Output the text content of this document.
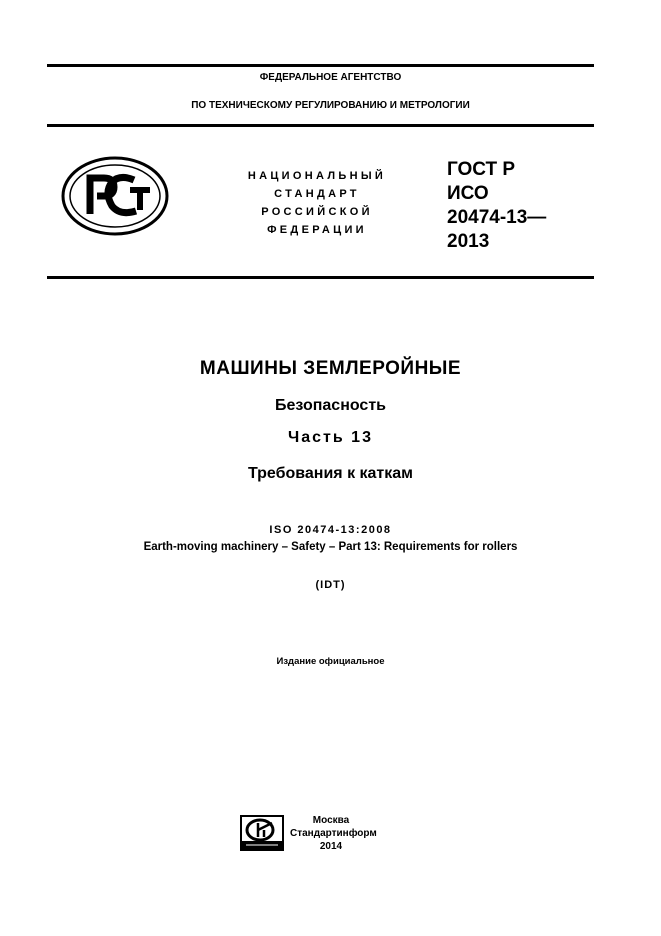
ФЕДЕРАЛЬНОЕ АГЕНТСТВО
ПО ТЕХНИЧЕСКОМУ РЕГУЛИРОВАНИЮ И МЕТРОЛОГИИ
НАЦИОНАЛЬНЫЙ
СТАНДАРТ
РОССИЙСКОЙ
ФЕДЕРАЦИИ
ГОСТ Р
ИСО
20474-13—
2013
МАШИНЫ ЗЕМЛЕРОЙНЫЕ
Безопасность
Часть 13
Требования к каткам
ISO 20474-13:2008
Earth-moving machinery – Safety – Part 13: Requirements for rollers
(IDT)
Издание официальное
Москва
Стандартинформ
2014
